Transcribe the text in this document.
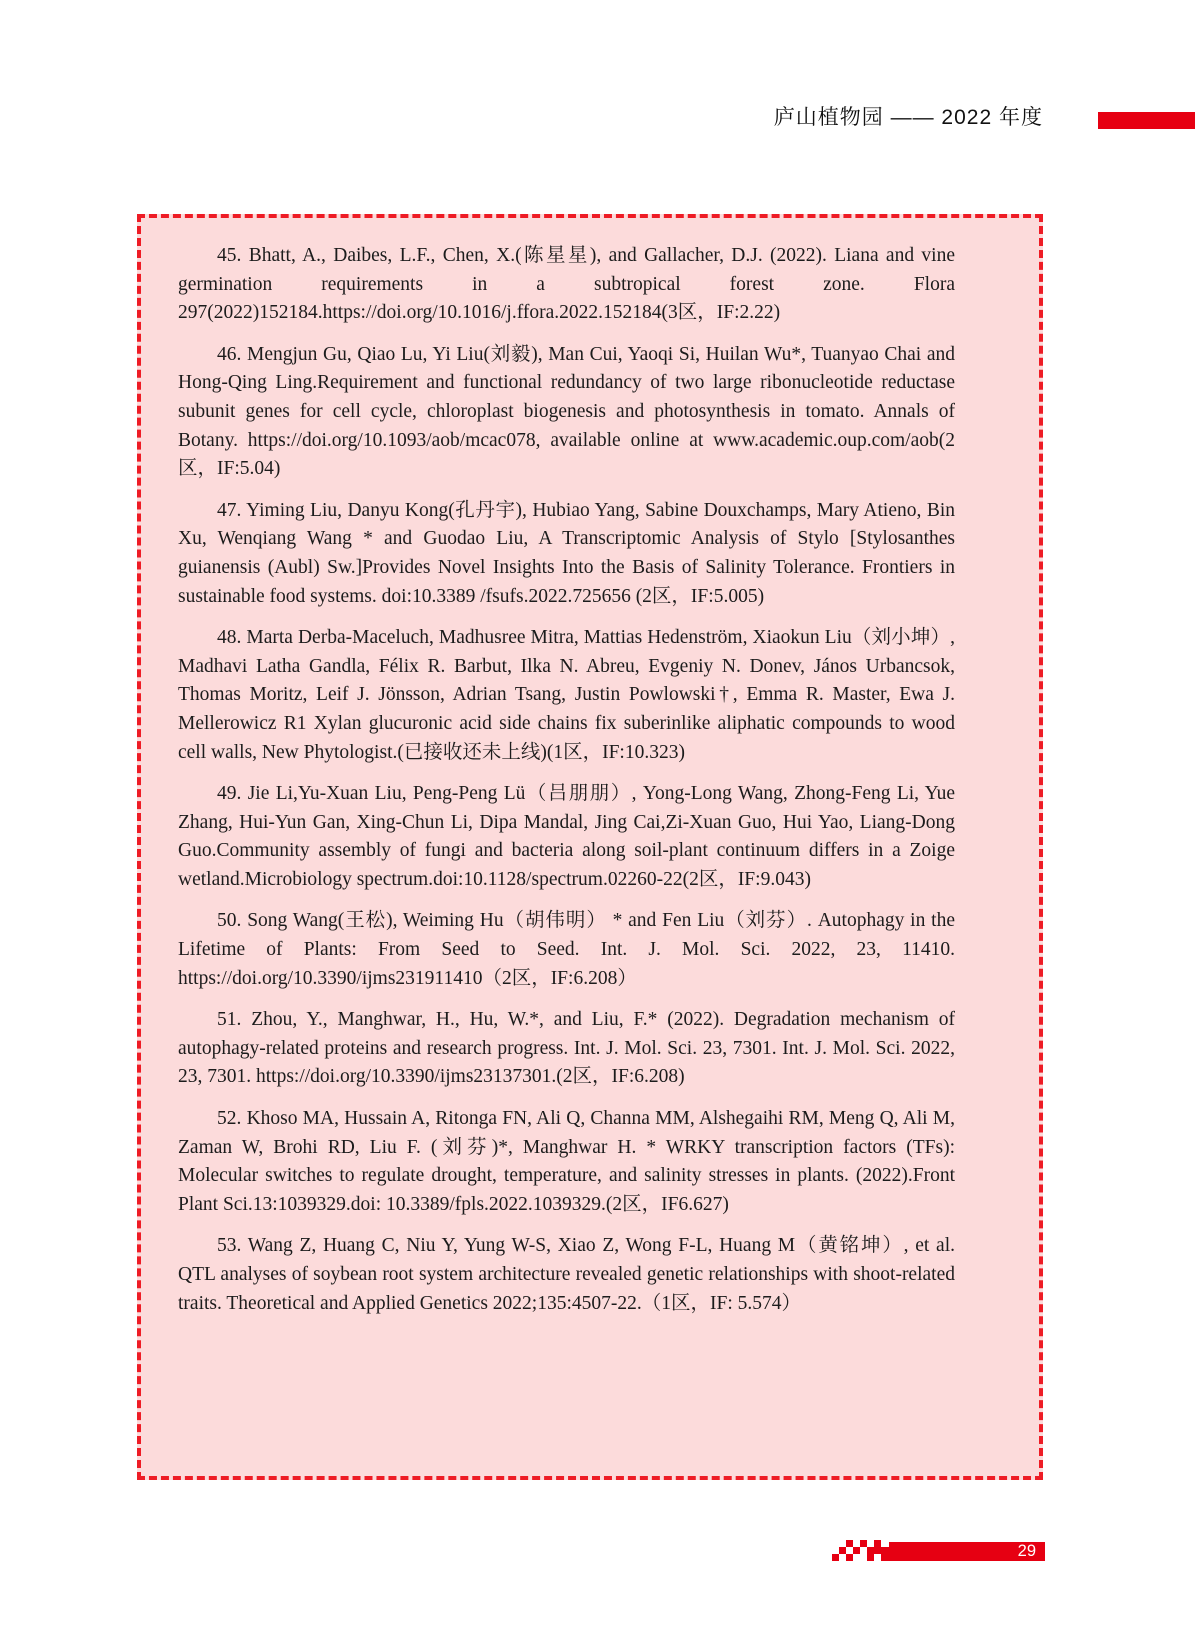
庐山植物园 —— 2022 年度

45. Bhatt, A., Daibes, L.F., Chen, X.(陈星星), and Gallacher, D.J. (2022). Liana and vine germination requirements in a subtropical forest zone. Flora 297(2022)152184.https://doi.org/10.1016/j.ffora.2022.152184(3区，IF:2.22)

46. Mengjun Gu, Qiao Lu, Yi Liu(刘毅), Man Cui, Yaoqi Si, Huilan Wu*, Tuanyao Chai and Hong-Qing Ling.Requirement and functional redundancy of two large ribonucleotide reductase subunit genes for cell cycle, chloroplast biogenesis and photosynthesis in tomato. Annals of Botany. https://doi.org/10.1093/aob/mcac078, available online at www.academic.oup.com/aob(2区，IF:5.04)

47. Yiming Liu, Danyu Kong(孔丹宇), Hubiao Yang, Sabine Douxchamps, Mary Atieno, Bin Xu, Wenqiang Wang * and Guodao Liu, A Transcriptomic Analysis of Stylo [Stylosanthes guianensis (Aubl) Sw.]Provides Novel Insights Into the Basis of Salinity Tolerance. Frontiers in sustainable food systems. doi:10.3389 /fsufs.2022.725656 (2区，IF:5.005)

48. Marta Derba-Maceluch, Madhusree Mitra, Mattias Hedenström, Xiaokun Liu（刘小坤）, Madhavi Latha Gandla, Félix R. Barbut, Ilka N. Abreu, Evgeniy N. Donev, János Urbancsok, Thomas Moritz, Leif J. Jönsson, Adrian Tsang, Justin Powlowski†, Emma R. Master, Ewa J. Mellerowicz R1 Xylan glucuronic acid side chains fix suberinlike aliphatic compounds to wood cell walls, New Phytologist.(已接收还未上线)(1区，IF:10.323)

49. Jie Li,Yu-Xuan Liu, Peng-Peng Lü（吕朋朋）, Yong-Long Wang, Zhong-Feng Li, Yue Zhang, Hui-Yun Gan, Xing-Chun Li, Dipa Mandal, Jing Cai,Zi-Xuan Guo, Hui Yao, Liang-Dong Guo.Community assembly of fungi and bacteria along soil-plant continuum differs in a Zoige wetland.Microbiology spectrum.doi:10.1128/spectrum.02260-22(2区，IF:9.043)

50. Song Wang(王松), Weiming Hu（胡伟明） * and Fen Liu（刘芬）. Autophagy in the Lifetime of Plants: From Seed to Seed. Int. J. Mol. Sci. 2022, 23, 11410. https://doi.org/10.3390/ijms231911410（2区，IF:6.208）

51. Zhou, Y., Manghwar, H., Hu, W.*, and Liu, F.* (2022). Degradation mechanism of autophagy-related proteins and research progress. Int. J. Mol. Sci. 23, 7301. Int. J. Mol. Sci. 2022, 23, 7301. https://doi.org/10.3390/ijms23137301.(2区，IF:6.208)

52. Khoso MA, Hussain A, Ritonga FN, Ali Q, Channa MM, Alshegaihi RM, Meng Q, Ali M, Zaman W, Brohi RD, Liu F. (刘芬)*, Manghwar H. * WRKY transcription factors (TFs): Molecular switches to regulate drought, temperature, and salinity stresses in plants. (2022).Front Plant Sci.13:1039329.doi: 10.3389/fpls.2022.1039329.(2区，IF6.627)

53. Wang Z, Huang C, Niu Y, Yung W-S, Xiao Z, Wong F-L, Huang M（黄铭坤）, et al. QTL analyses of soybean root system architecture revealed genetic relationships with shoot-related traits. Theoretical and Applied Genetics 2022;135:4507-22.（1区，IF: 5.574）

29
